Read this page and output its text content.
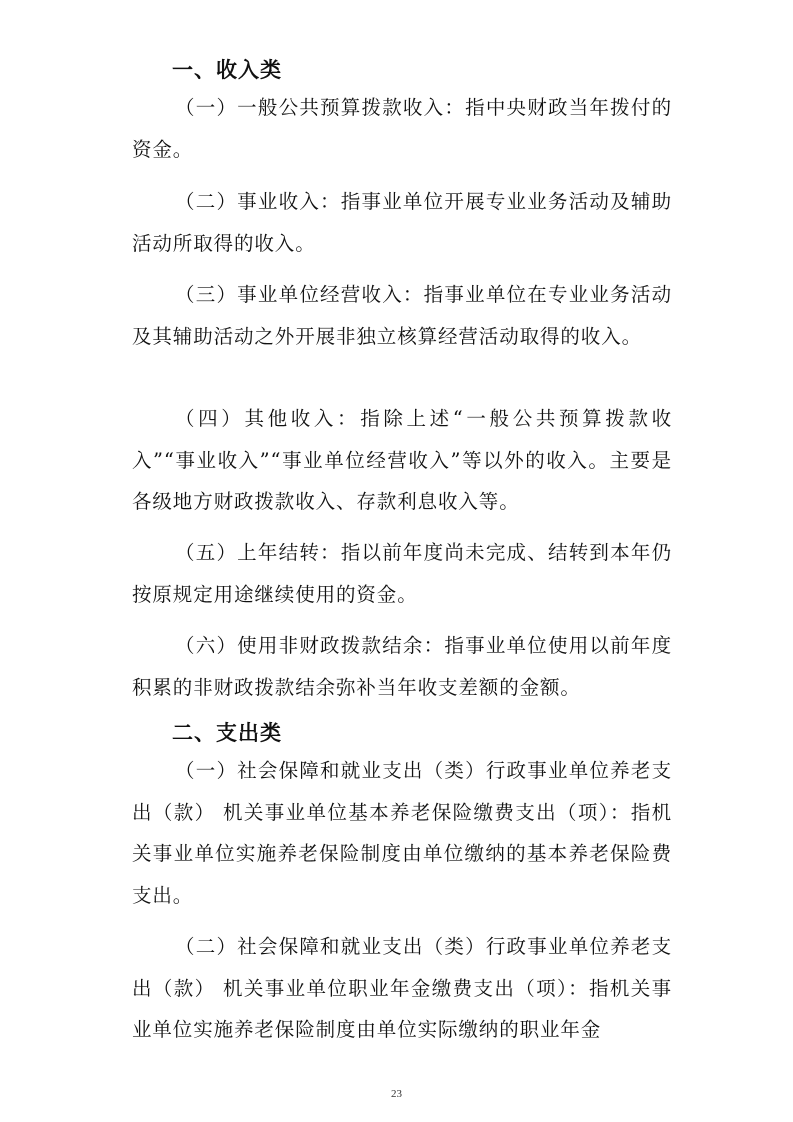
一、收入类

（一）一般公共预算拨款收入：指中央财政当年拨付的资金。

（二）事业收入：指事业单位开展专业业务活动及辅助活动所取得的收入。

（三）事业单位经营收入：指事业单位在专业业务活动及其辅助活动之外开展非独立核算经营活动取得的收入。

（四）其他收入：指除上述“一般公共预算拨款收入”“事业收入”“事业单位经营收入”等以外的收入。主要是各级地方财政拨款收入、存款利息收入等。

（五）上年结转：指以前年度尚未完成、结转到本年仍按原规定用途继续使用的资金。

（六）使用非财政拨款结余：指事业单位使用以前年度积累的非财政拨款结余弥补当年收支差额的金额。

二、支出类

（一）社会保障和就业支出（类）行政事业单位养老支出（款） 机关事业单位基本养老保险缴费支出（项）：指机关事业单位实施养老保险制度由单位缴纳的基本养老保险费支出。

（二）社会保障和就业支出（类）行政事业单位养老支出（款） 机关事业单位职业年金缴费支出（项）：指机关事业单位实施养老保险制度由单位实际缴纳的职业年金

23
